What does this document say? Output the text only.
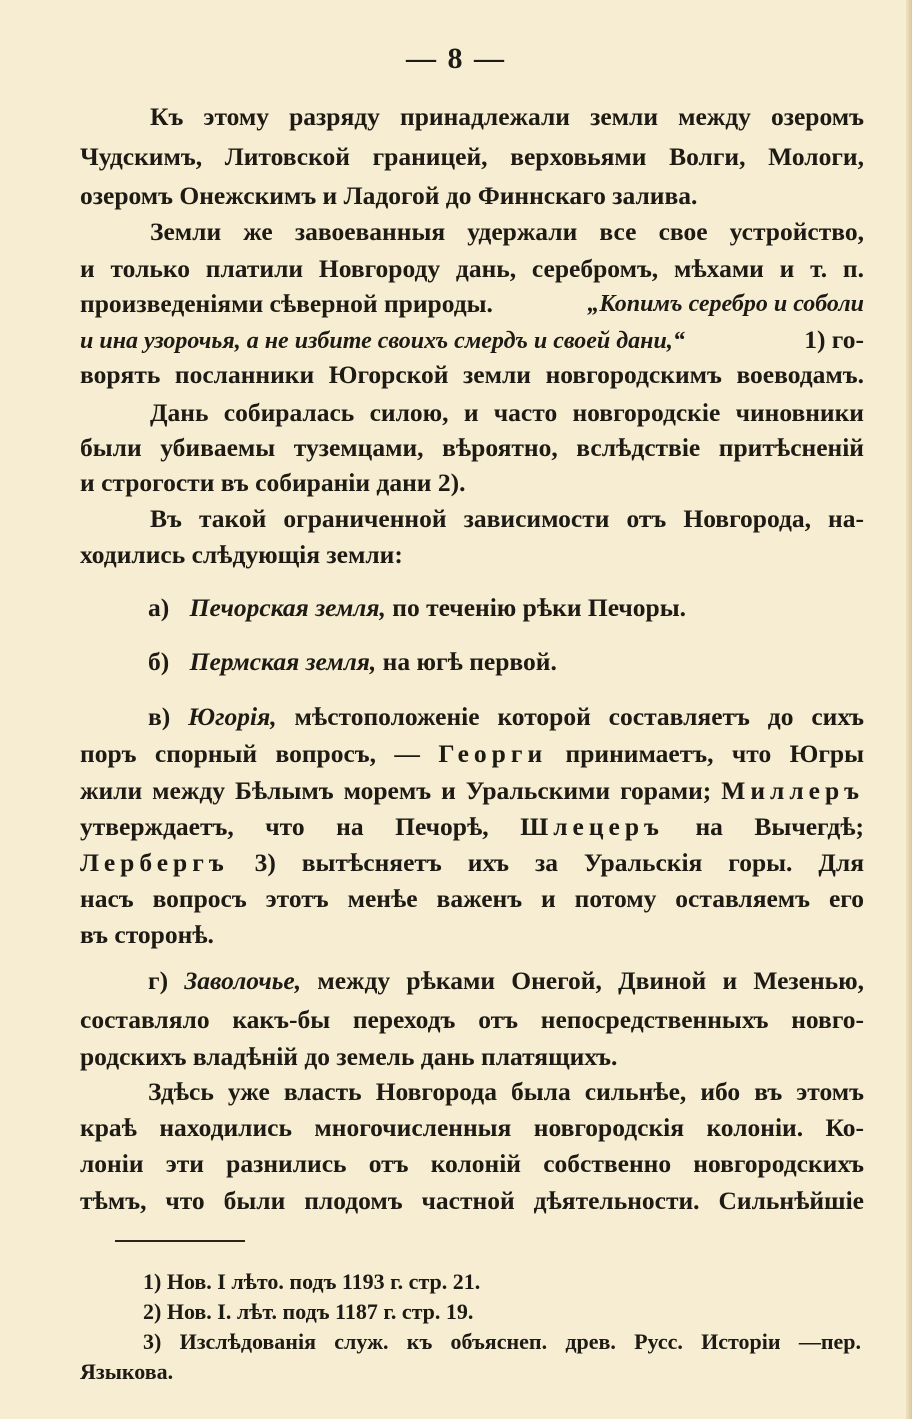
— 8 —

Къ этому разряду принадлежали земли между озеромъ

Чудскимъ, Литовской границей, верховьями Волги, Мологи,

озеромъ Онежскимъ и Ладогой до Финнскаго залива.

Земли же завоеванныя удержали все свое устройство,

и только платили Новгороду дань, серебромъ, мѣхами и т. п.

произведеніями сѣверной природы.	„Копимъ серебро и соболи
и ина узорочья, а не избите своихъ смердъ и своей дани,“	1) го-

ворять посланники Югорской земли новгородскимъ воеводамъ.

Дань собиралась силою, и часто новгородскіе чиновники

были убиваемы туземцами, вѣроятно, вслѣдствіе притѣсненій

и строгости въ собираніи дани 2).

Въ такой ограниченной зависимости отъ Новгорода, на-

ходились слѣдующія земли:

а) Печорская земля, по теченію рѣки Печоры.
б) Пермская земля, на югѣ первой.
в) Югорія, мѣстоположеніе которой составляетъ до сихъ
поръ спорный вопросъ, — Георги принимаетъ, что Югры
жили между Бѣлымъ моремъ и Уральскими горами; Миллеръ
утверждаетъ, что на Печорѣ, Шлецеръ на Вычегдѣ;
Лербергъ 3) вытѣсняетъ ихъ за Уральскія горы. Для

насъ вопросъ этотъ менѣе важенъ и потому оставляемъ его

въ сторонѣ.

г) Заволочье, между рѣками Онегой, Двиной и Мезенью,

составляло какъ-бы переходъ отъ непосредственныхъ новго-

родскихъ владѣній до земель дань платящихъ.

Здѣсь уже власть Новгорода была сильнѣе, ибо въ этомъ

краѣ находились многочисленныя новгородскія колоніи. Ко-

лоніи эти разнились отъ колоній собственно новгородскихъ

тѣмъ, что были плодомъ частной дѣятельности. Сильнѣйшіе

1) Нов. I лѣто. подъ 1193 г. стр. 21.

2) Нов. I. лѣт. подъ 1187 г. стр. 19.

3) Изслѣдованія служ. къ объяснеп. древ. Русс. Исторіи —пер.

Языкова.
